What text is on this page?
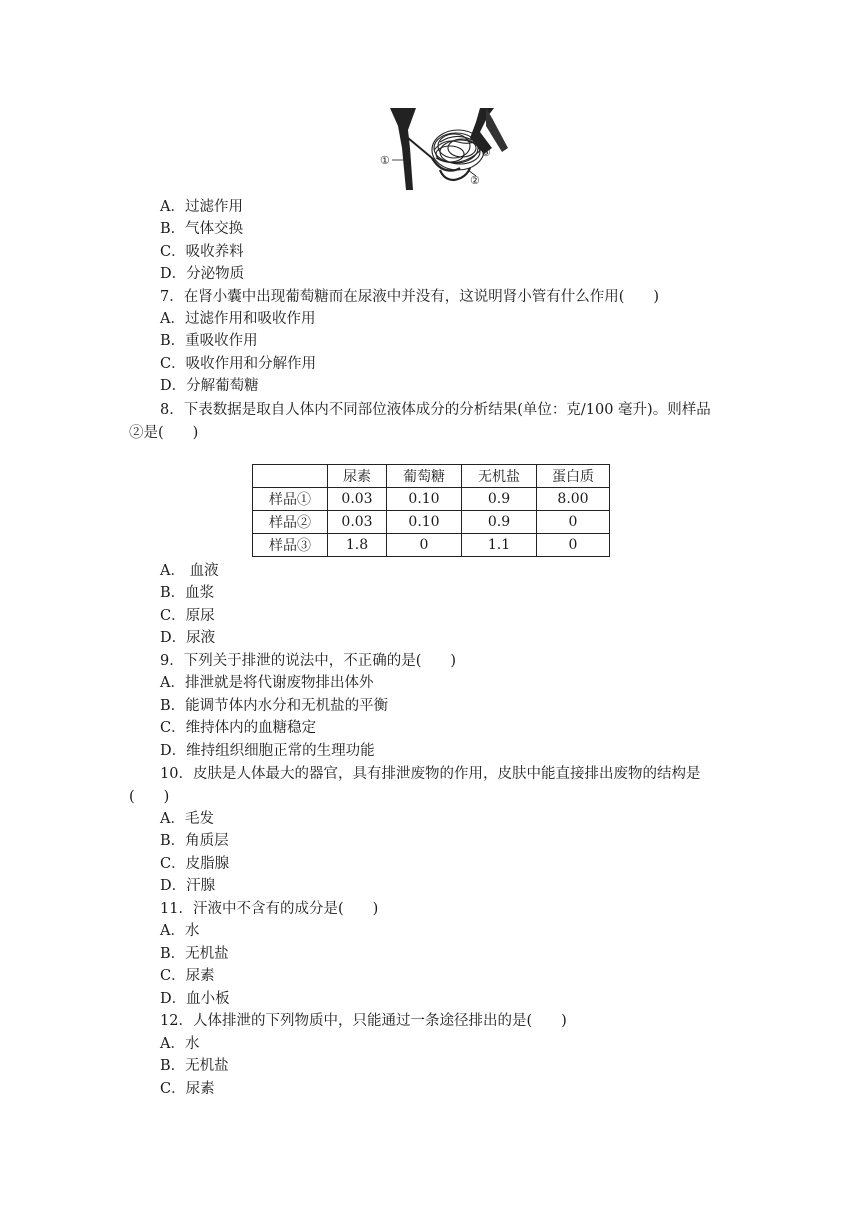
①
②
③
A．过滤作用
B．气体交换
C．吸收养料
D．分泌物质
7．在肾小囊中出现葡萄糖而在尿液中并没有，这说明肾小管有什么作用(　　)
A．过滤作用和吸收作用
B．重吸收作用
C．吸收作用和分解作用
D．分解葡萄糖
8．下表数据是取自人体内不同部位液体成分的分析结果(单位：克/100 毫升)。则样品
②是(　　)
	尿素	葡萄糖	无机盐	蛋白质
样品①	0.03	0.10	0.9	8.00
样品②	0.03	0.10	0.9	0
样品③	1.8	0	1.1	0
A． 血液
B．血浆
C．原尿
D．尿液
9．下列关于排泄的说法中，不正确的是(　　)
A．排泄就是将代谢废物排出体外
B．能调节体内水分和无机盐的平衡
C．维持体内的血糖稳定
D．维持组织细胞正常的生理功能
10．皮肤是人体最大的器官，具有排泄废物的作用，皮肤中能直接排出废物的结构是
(　　)
A．毛发
B．角质层
C．皮脂腺
D．汗腺
11．汗液中不含有的成分是(　　)
A．水
B．无机盐
C．尿素
D．血小板
12．人体排泄的下列物质中，只能通过一条途径排出的是(　　)
A．水
B．无机盐
C．尿素
